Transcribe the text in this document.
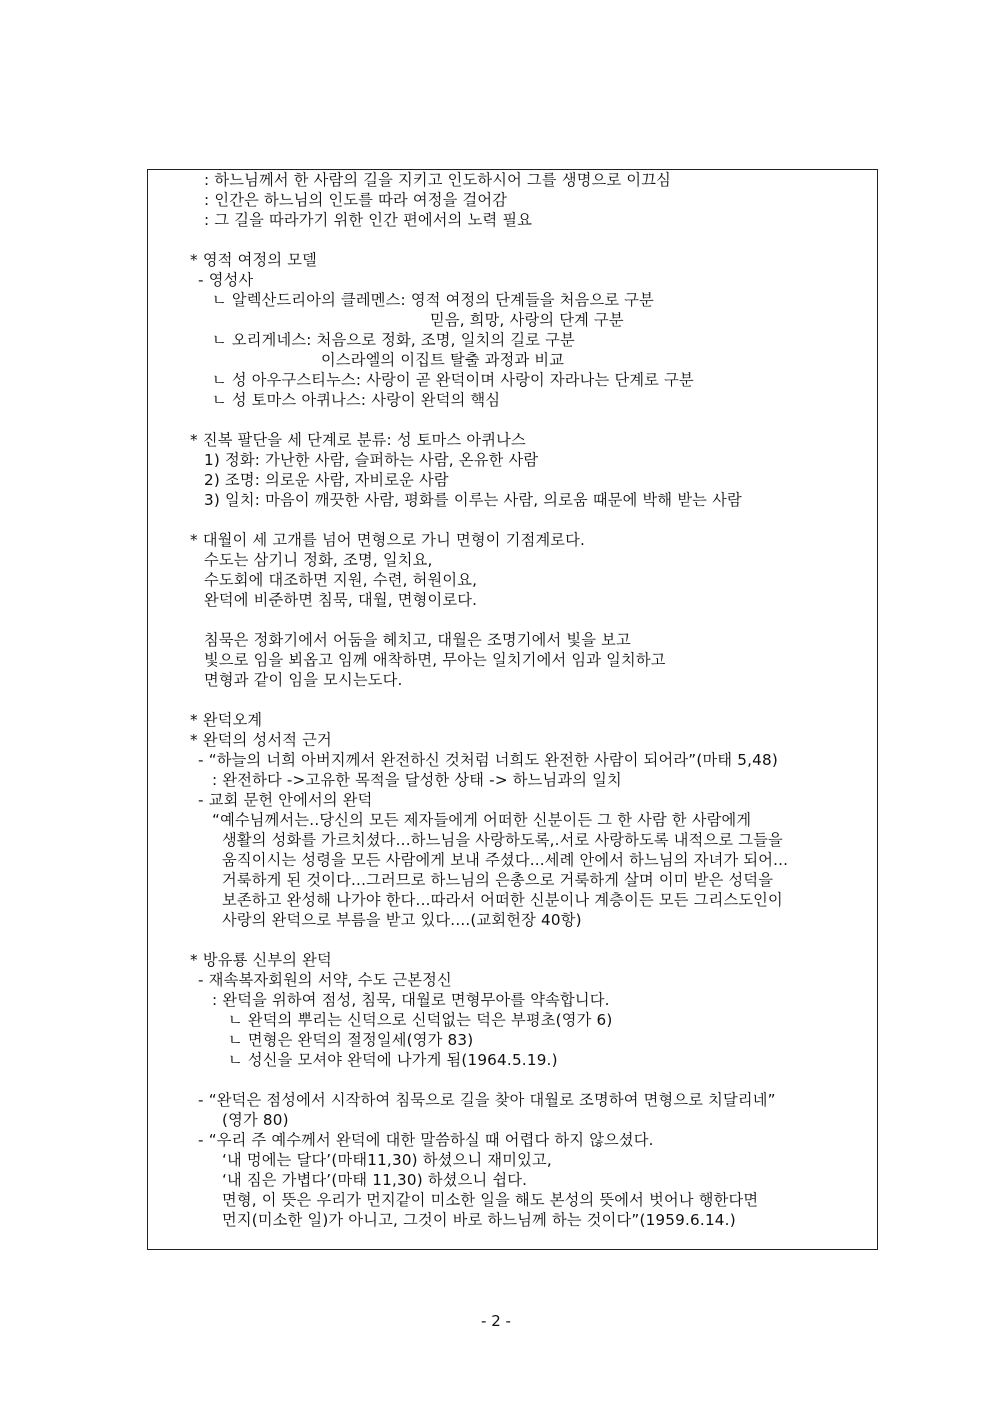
: 하느님께서 한 사람의 길을 지키고 인도하시어 그를 생명으로 이끄심
: 인간은 하느님의 인도를 따라 여정을 걸어감
: 그 길을 따라가기 위한 인간 편에서의 노력 필요
* 영적 여정의 모델
- 영성사
ㄴ 알렉산드리아의 클레멘스: 영적 여정의 단계들을 처음으로 구분
믿음, 희망, 사랑의 단계 구분
ㄴ 오리게네스: 처음으로 정화, 조명, 일치의 길로 구분
이스라엘의 이집트 탈출 과정과 비교
ㄴ 성 아우구스티누스: 사랑이 곧 완덕이며 사랑이 자라나는 단계로 구분
ㄴ 성 토마스 아퀴나스: 사랑이 완덕의 핵심
* 진복 팔단을 세 단계로 분류: 성 토마스 아퀴나스
1) 정화: 가난한 사람, 슬퍼하는 사람, 온유한 사람
2) 조명: 의로운 사람, 자비로운 사람
3) 일치: 마음이 깨끗한 사람, 평화를 이루는 사람, 의로움 때문에 박해 받는 사람
* 대월이 세 고개를 넘어 면형으로 가니 면형이 기점계로다.
수도는 삼기니 정화, 조명, 일치요,
수도회에 대조하면 지원, 수련, 허원이요,
완덕에 비준하면 침묵, 대월, 면형이로다.
침묵은 정화기에서 어둠을 헤치고, 대월은 조명기에서 빛을 보고
빛으로 임을 뵈옵고 임께 애착하면, 무아는 일치기에서 임과 일치하고
면형과 같이 임을 모시는도다.
* 완덕오계
* 완덕의 성서적 근거
- “하늘의 너희 아버지께서 완전하신 것처럼 너희도 완전한 사람이 되어라”(마태 5,48)
: 완전하다 ->고유한 목적을 달성한 상태 -> 하느님과의 일치
- 교회 문헌 안에서의 완덕
“예수님께서는..당신의 모든 제자들에게 어떠한 신분이든 그 한 사람 한 사람에게
생활의 성화를 가르치셨다...하느님을 사랑하도록,.서로 사랑하도록 내적으로 그들을
움직이시는 성령을 모든 사람에게 보내 주셨다...세례 안에서 하느님의 자녀가 되어...
거룩하게 된 것이다...그러므로 하느님의 은총으로 거룩하게 살며 이미 받은 성덕을
보존하고 완성해 나가야 한다...따라서 어떠한 신분이나 계층이든 모든 그리스도인이
사랑의 완덕으로 부름을 받고 있다....(교회헌장 40항)
* 방유룡 신부의 완덕
- 재속복자회원의 서약, 수도 근본정신
: 완덕을 위하여 점성, 침묵, 대월로 면형무아를 약속합니다.
ㄴ 완덕의 뿌리는 신덕으로 신덕없는 덕은 부평초(영가 6)
ㄴ 면형은 완덕의 절정일세(영가 83)
ㄴ 성신을 모셔야 완덕에 나가게 됨(1964.5.19.)
- “완덕은 점성에서 시작하여 침묵으로 길을 찾아 대월로 조명하여 면형으로 치달리네”
(영가 80)
- “우리 주 예수께서 완덕에 대한 말씀하실 때 어렵다 하지 않으셨다.
‘내 멍에는 달다’(마태11,30) 하셨으니 재미있고,
‘내 짐은 가볍다’(마태 11,30) 하셨으니 쉽다.
면형, 이 뜻은 우리가 먼지같이 미소한 일을 해도 본성의 뜻에서 벗어나 행한다면
먼지(미소한 일)가 아니고, 그것이 바로 하느님께 하는 것이다”(1959.6.14.)
- 2 -
